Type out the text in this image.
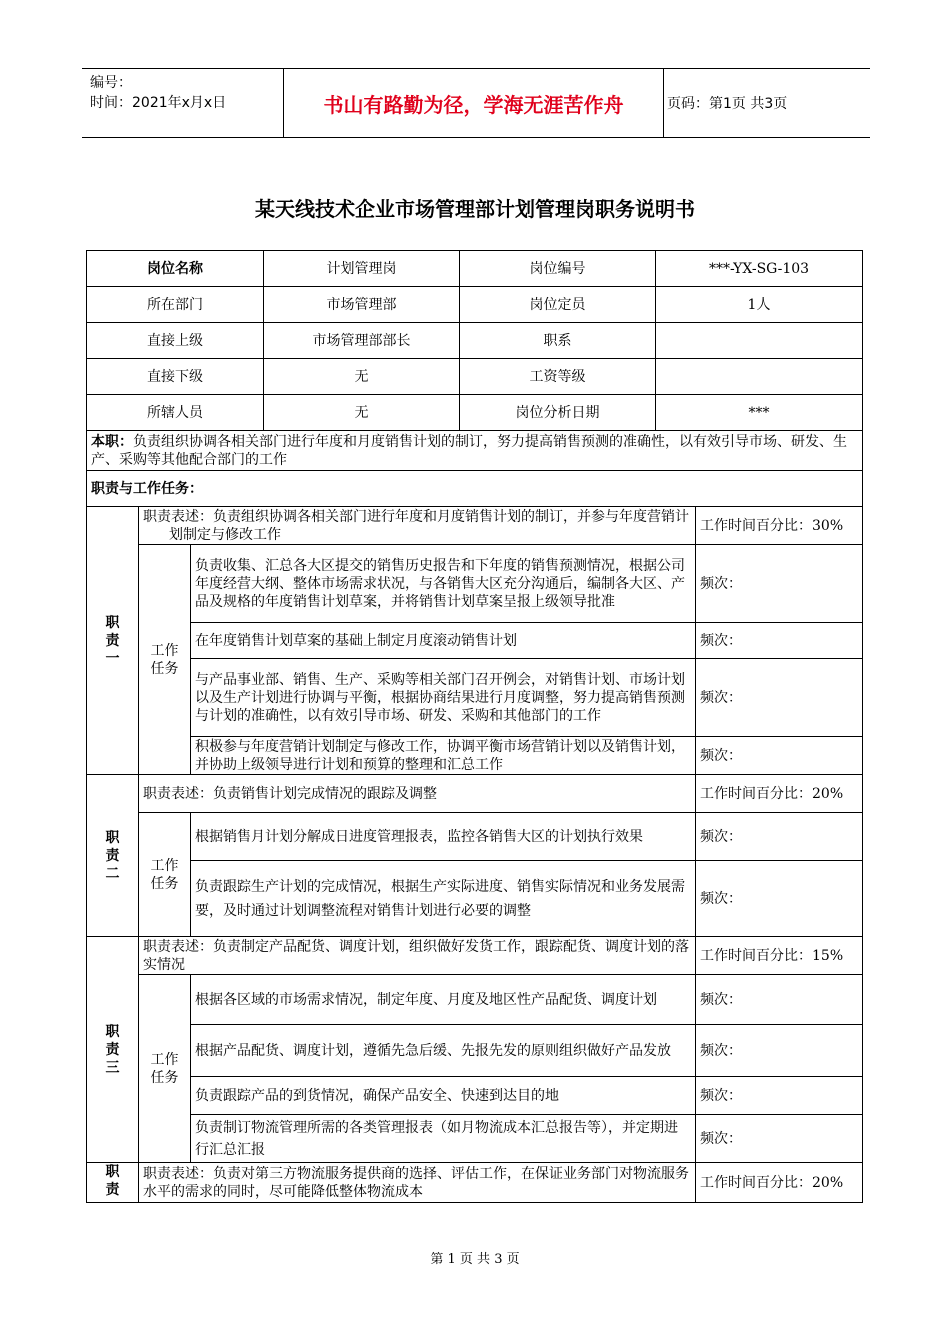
编号：
时间：2021年x月x日	书山有路勤为径，学海无涯苦作舟	页码：第1页 共3页
某天线技术企业市场管理部计划管理岗职务说明书
岗位名称	计划管理岗	岗位编号	***-YX-SG-103
所在部门	市场管理部	岗位定员	1人
直接上级	市场管理部部长	职系	
直接下级	无	工资等级	
所辖人员	无	岗位分析日期	***
本职：负责组织协调各相关部门进行年度和月度销售计划的制订，努力提高销售预测的准确性，以有效引导市场、研发、生产、采购等其他配合部门的工作			
职责与工作任务：			

职责一	职责表述：负责组织协调各相关部门进行年度和月度销售计划的制订，并参与年度营销计划制定与修改工作		工作时间百分比：30%

	工作任务	负责收集、汇总各大区提交的销售历史报告和下年度的销售预测情况，根据公司年度经营大纲、整体市场需求状况，与各销售大区充分沟通后，编制各大区、产品及规格的年度销售计划草案，并将销售计划草案呈报上级领导批准	频次：
		在年度销售计划草案的基础上制定月度滚动销售计划	频次：
		与产品事业部、销售、生产、采购等相关部门召开例会，对销售计划、市场计划以及生产计划进行协调与平衡，根据协商结果进行月度调整，努力提高销售预测与计划的准确性，以有效引导市场、研发、采购和其他部门的工作	频次：
		积极参与年度营销计划制定与修改工作，协调平衡市场营销计划以及销售计划，并协助上级领导进行计划和预算的整理和汇总工作	频次：

职责二	职责表述：负责销售计划完成情况的跟踪及调整		工作时间百分比：20%

	工作任务	根据销售月计划分解成日进度管理报表，监控各销售大区的计划执行效果	频次：
		负责跟踪生产计划的完成情况，根据生产实际进度、销售实际情况和业务发展需要，及时通过计划调整流程对销售计划进行必要的调整	频次：

职责三	职责表述：负责制定产品配货、调度计划，组织做好发货工作，跟踪配货、调度计划的落实情况		工作时间百分比：15%

	工作任务	根据各区域的市场需求情况，制定年度、月度及地区性产品配货、调度计划	频次：
		根据产品配货、调度计划，遵循先急后缓、先报先发的原则组织做好产品发放	频次：
		负责跟踪产品的到货情况，确保产品安全、快速到达目的地	频次：
		负责制订物流管理所需的各类管理报表（如月物流成本汇总报告等），并定期进行汇总汇报	频次：

职责	职责表述：负责对第三方物流服务提供商的选择、评估工作，在保证业务部门对物流服务水平的需求的同时，尽可能降低整体物流成本		工作时间百分比：20%
第 1 页 共 3 页
